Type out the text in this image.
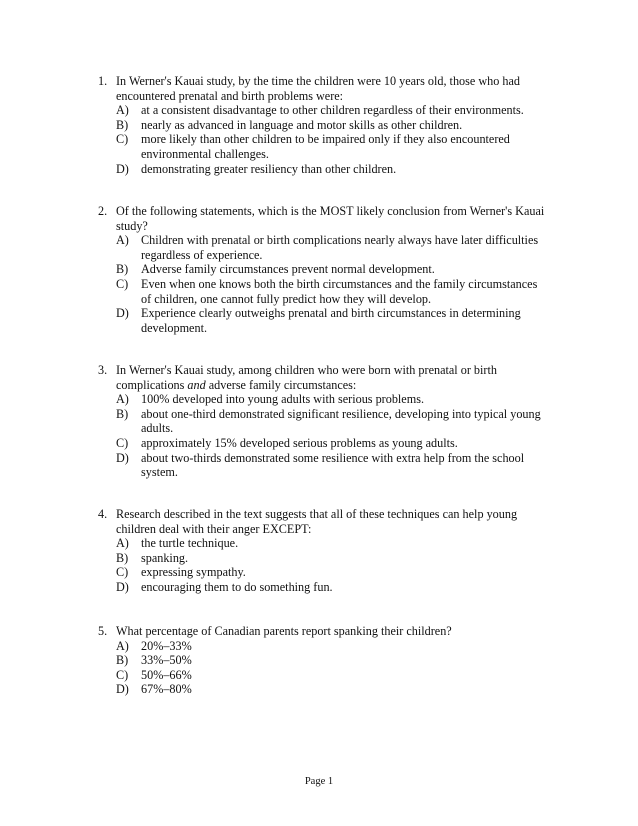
1. In Werner's Kauai study, by the time the children were 10 years old, those who had encountered prenatal and birth problems were:
A) at a consistent disadvantage to other children regardless of their environments.
B)	nearly as advanced in language and motor skills as other children.
C)	more likely than other children to be impaired only if they also encountered environmental challenges.
D) demonstrating greater resiliency than other children.
2. Of the following statements, which is the MOST likely conclusion from Werner's Kauai study?
A) Children with prenatal or birth complications nearly always have later difficulties regardless of experience.
B)	Adverse family circumstances prevent normal development.
C)	Even when one knows both the birth circumstances and the family circumstances of children, one cannot fully predict how they will develop.
D) Experience clearly outweighs prenatal and birth circumstances in determining development.
3. In Werner's Kauai study, among children who were born with prenatal or birth complications and adverse family circumstances:
A) 100% developed into young adults with serious problems.
B)	about one-third demonstrated significant resilience, developing into typical young adults.
C)	approximately 15% developed serious problems as young adults.
D) about two-thirds demonstrated some resilience with extra help from the school system.
4. Research described in the text suggests that all of these techniques can help young children deal with their anger EXCEPT:
A) the turtle technique.
B)	spanking.
C)	expressing sympathy.
D) encouraging them to do something fun.
5. What percentage of Canadian parents report spanking their children?
A) 20%–33%
B)	33%–50%
C)	50%–66%
D) 67%–80%
Page 1
